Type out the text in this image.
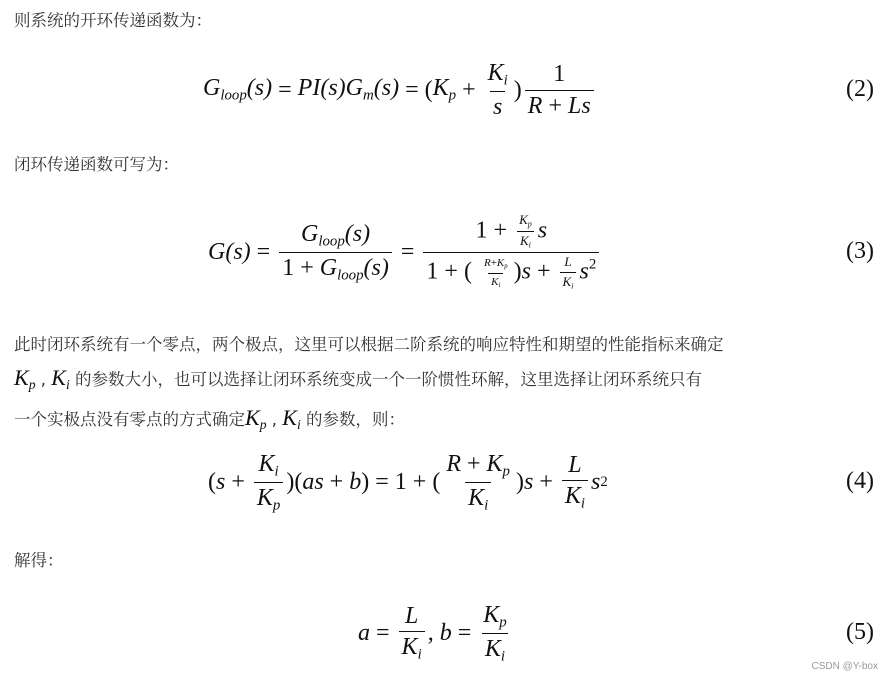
则系统的开环传递函数为：
$G_{loop}(s) = PI(s)G_m(s)$ = ( $K_p + \frac{K_i}{s}$ ) $\frac{1}{R + Ls}$	(2)
闭环传递函数可写为：
$G(s) = \frac{G_{loop}(s)}{1 + G_{loop}(s)} = \frac{1 + \frac{K_p}{K_i} s}{1 + ( \frac{R+K_p}{K_i} )s + \frac{L}{K_i} s^2}$	(3)
此时闭环系统有一个零点，两个极点，这里可以根据二阶系统的响应特性和期望的性能指标来确定
$K_p$ , $K_i$ 的参数大小，也可以选择让闭环系统变成一个一阶惯性环解，这里选择让闭环系统只有
一个实极点没有零点的方式确定$K_p$ , $K_i$ 的参数，则：
( $s + \frac{K_i}{K_p}$ )( as + b ) = 1 + ( $\frac{R + K_p}{K_i}$ ) $s + \frac{L}{K_i}$ s 2	(4)
解得：
$a = \frac{L}{K_i}$ , $b = \frac{K_p}{K_i}$	(5)
CSDN @Y-box
